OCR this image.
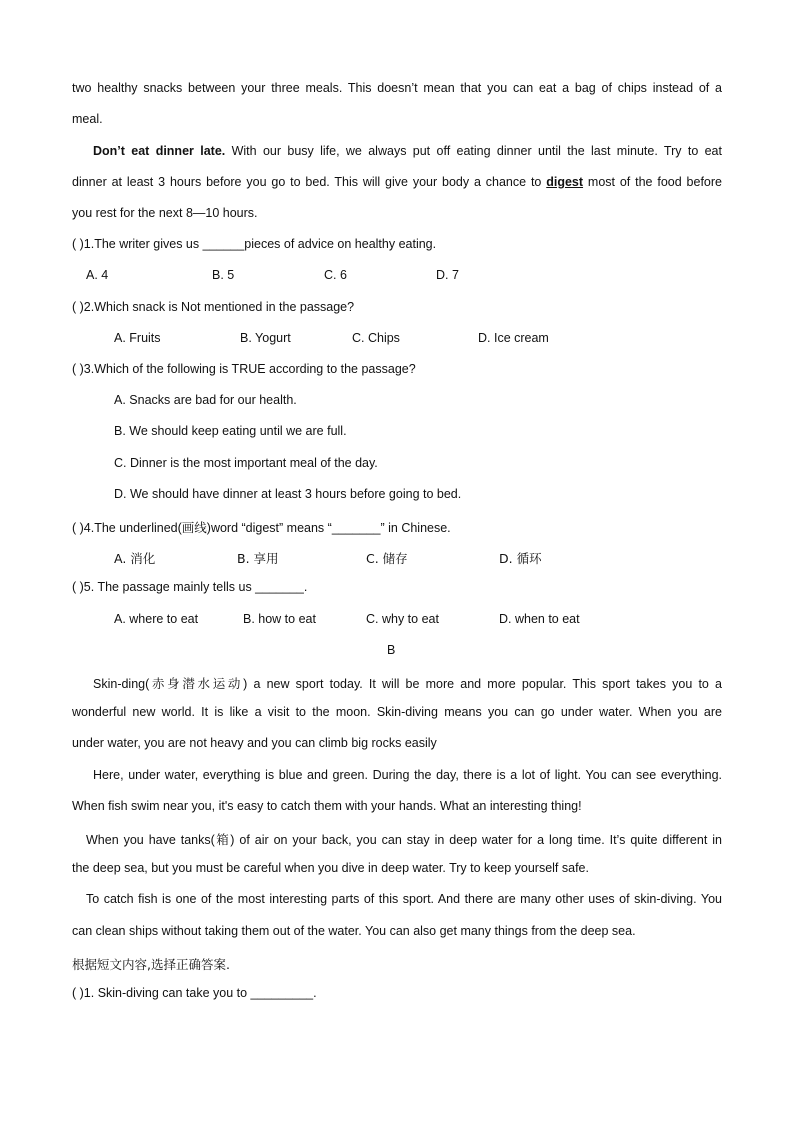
two healthy snacks between your three meals. This doesn’t mean that you can eat a bag of chips instead of a
meal.
Don’t eat dinner late. With our busy life, we always put off eating dinner until the last minute. Try to eat
dinner at least 3 hours before you go to bed. This will give your body a chance to digest most of the food before
you rest for the next 8—10 hours.
( )1.The writer gives us ______pieces of advice on healthy eating.
A. 4	B. 5	C. 6	D. 7
( )2.Which snack is Not mentioned in the passage?
A. Fruits	B. Yogurt	C. Chips	D. Ice cream
( )3.Which of the following is TRUE according to the passage?
A. Snacks are bad for our health.
B. We should keep eating until we are full.
C. Dinner is the most important meal of the day.
D. We should have dinner at least 3 hours before going to bed.
( )4.The underlined(画线)word “digest” means “_______” in Chinese.
A. 消化	B. 享用	C. 储存	D. 循环
( )5. The passage mainly tells us _______.
A. where to eat	B. how to eat	C. why to eat	D. when to eat
B
Skin-ding(赤身潜水运动) a new sport today. It will be more and more popular. This sport takes you to a
wonderful new world. It is like a visit to the moon. Skin-diving means you can go under water. When you are
under water, you are not heavy and you can climb big rocks easily
Here, under water, everything is blue and green. During the day, there is a lot of light. You can see everything.
When fish swim near you, it's easy to catch them with your hands. What an interesting thing!
When you have tanks(箱) of air on your back, you can stay in deep water for a long time. It’s quite different in
the deep sea, but you must be careful when you dive in deep water. Try to keep yourself safe.
To catch fish is one of the most interesting parts of this sport. And there are many other uses of skin-diving. You
can clean ships without taking them out of the water. You can also get many things from the deep sea.
根据短文内容,选择正确答案.
( )1. Skin-diving can take you to _________.
